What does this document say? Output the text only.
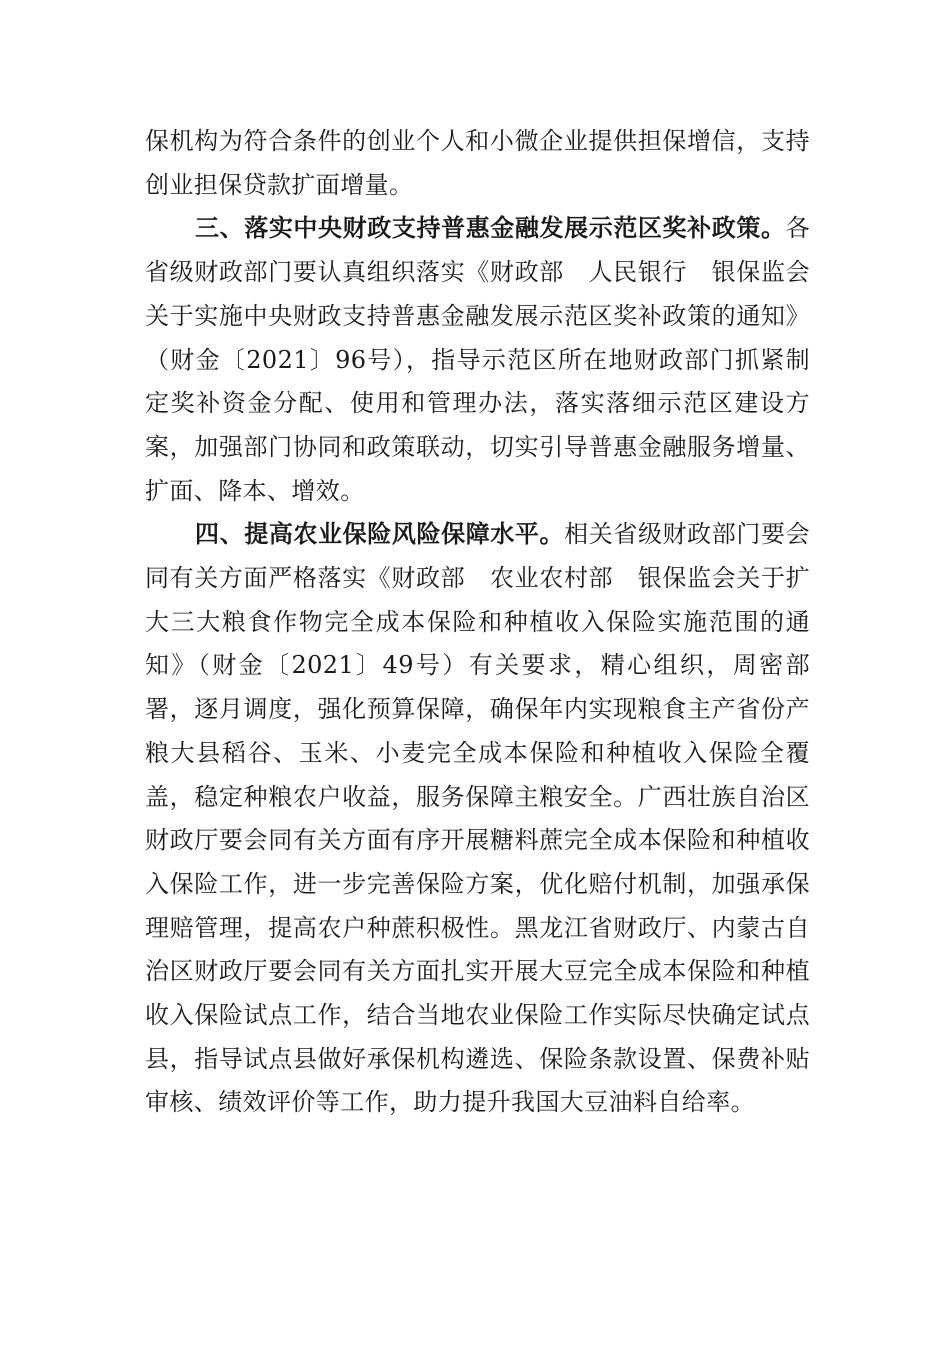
保机构为符合条件的创业个人和小微企业提供担保增信，支持创业担保贷款扩面增量。

三、落实中央财政支持普惠金融发展示范区奖补政策。各省级财政部门要认真组织落实《财政部　人民银行　银保监会关于实施中央财政支持普惠金融发展示范区奖补政策的通知》（财金〔2021〕96号），指导示范区所在地财政部门抓紧制定奖补资金分配、使用和管理办法，落实落细示范区建设方案，加强部门协同和政策联动，切实引导普惠金融服务增量、扩面、降本、增效。

四、提高农业保险风险保障水平。相关省级财政部门要会同有关方面严格落实《财政部　农业农村部　银保监会关于扩大三大粮食作物完全成本保险和种植收入保险实施范围的通知》（财金〔2021〕49号）有关要求，精心组织，周密部署，逐月调度，强化预算保障，确保年内实现粮食主产省份产粮大县稻谷、玉米、小麦完全成本保险和种植收入保险全覆盖，稳定种粮农户收益，服务保障主粮安全。广西壮族自治区财政厅要会同有关方面有序开展糖料蔗完全成本保险和种植收入保险工作，进一步完善保险方案，优化赔付机制，加强承保理赔管理，提高农户种蔗积极性。黑龙江省财政厅、内蒙古自治区财政厅要会同有关方面扎实开展大豆完全成本保险和种植收入保险试点工作，结合当地农业保险工作实际尽快确定试点县，指导试点县做好承保机构遴选、保险条款设置、保费补贴审核、绩效评价等工作，助力提升我国大豆油料自给率。
